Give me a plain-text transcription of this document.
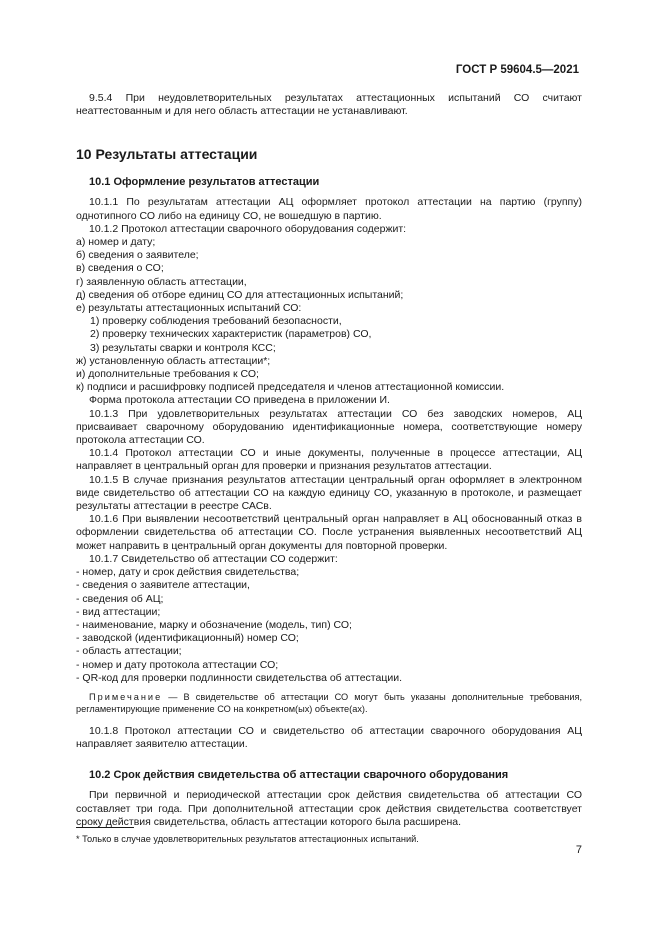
ГОСТ Р 59604.5—2021

9.5.4 При неудовлетворительных результатах аттестационных испытаний СО считают неаттестованным и для него область аттестации не устанавливают.

10 Результаты аттестации
10.1 Оформление результатов аттестации

10.1.1 По результатам аттестации АЦ оформляет протокол аттестации на партию (группу) однотипного СО либо на единицу СО, не вошедшую в партию.

10.1.2 Протокол аттестации сварочного оборудования содержит:

а) номер и дату;

б) сведения о заявителе;

в) сведения о СО;

г) заявленную область аттестации,

д) сведения об отборе единиц СО для аттестационных испытаний;

е) результаты аттестационных испытаний СО:

1) проверку соблюдения требований безопасности,

2) проверку технических характеристик (параметров) СО,

3) результаты сварки и контроля КСС;

ж) установленную область аттестации*;

и) дополнительные требования к СО;

к) подписи и расшифровку подписей председателя и членов аттестационной комиссии.

Форма протокола аттестации СО приведена в приложении И.

10.1.3 При удовлетворительных результатах аттестации СО без заводских номеров, АЦ присваивает сварочному оборудованию идентификационные номера, соответствующие номеру протокола аттестации СО.

10.1.4 Протокол аттестации СО и иные документы, полученные в процессе аттестации, АЦ направляет в центральный орган для проверки и признания результатов аттестации.

10.1.5 В случае признания результатов аттестации центральный орган оформляет в электронном виде свидетельство об аттестации СО на каждую единицу СО, указанную в протоколе, и размещает результаты аттестации в реестре САСв.

10.1.6 При выявлении несоответствий центральный орган направляет в АЦ обоснованный отказ в оформлении свидетельства об аттестации СО. После устранения выявленных несоответствий АЦ может направить в центральный орган документы для повторной проверки.

10.1.7 Свидетельство об аттестации СО содержит:

- номер, дату и срок действия свидетельства;

- сведения о заявителе аттестации,

- сведения об АЦ;

- вид аттестации;

- наименование, марку и обозначение (модель, тип) СО;

- заводской (идентификационный) номер СО;

- область аттестации;

- номер и дату протокола аттестации СО;

- QR-код для проверки подлинности свидетельства об аттестации.

Примечание — В свидетельстве об аттестации СО могут быть указаны дополнительные требования, регламентирующие применение СО на конкретном(ых) объекте(ах).

10.1.8 Протокол аттестации СО и свидетельство об аттестации сварочного оборудования АЦ направляет заявителю аттестации.

10.2 Срок действия свидетельства об аттестации сварочного оборудования

При первичной и периодической аттестации срок действия свидетельства об аттестации СО составляет три года. При дополнительной аттестации срок действия свидетельства соответствует сроку действия свидетельства, область аттестации которого была расширена.

* Только в случае удовлетворительных результатов аттестационных испытаний.
7
